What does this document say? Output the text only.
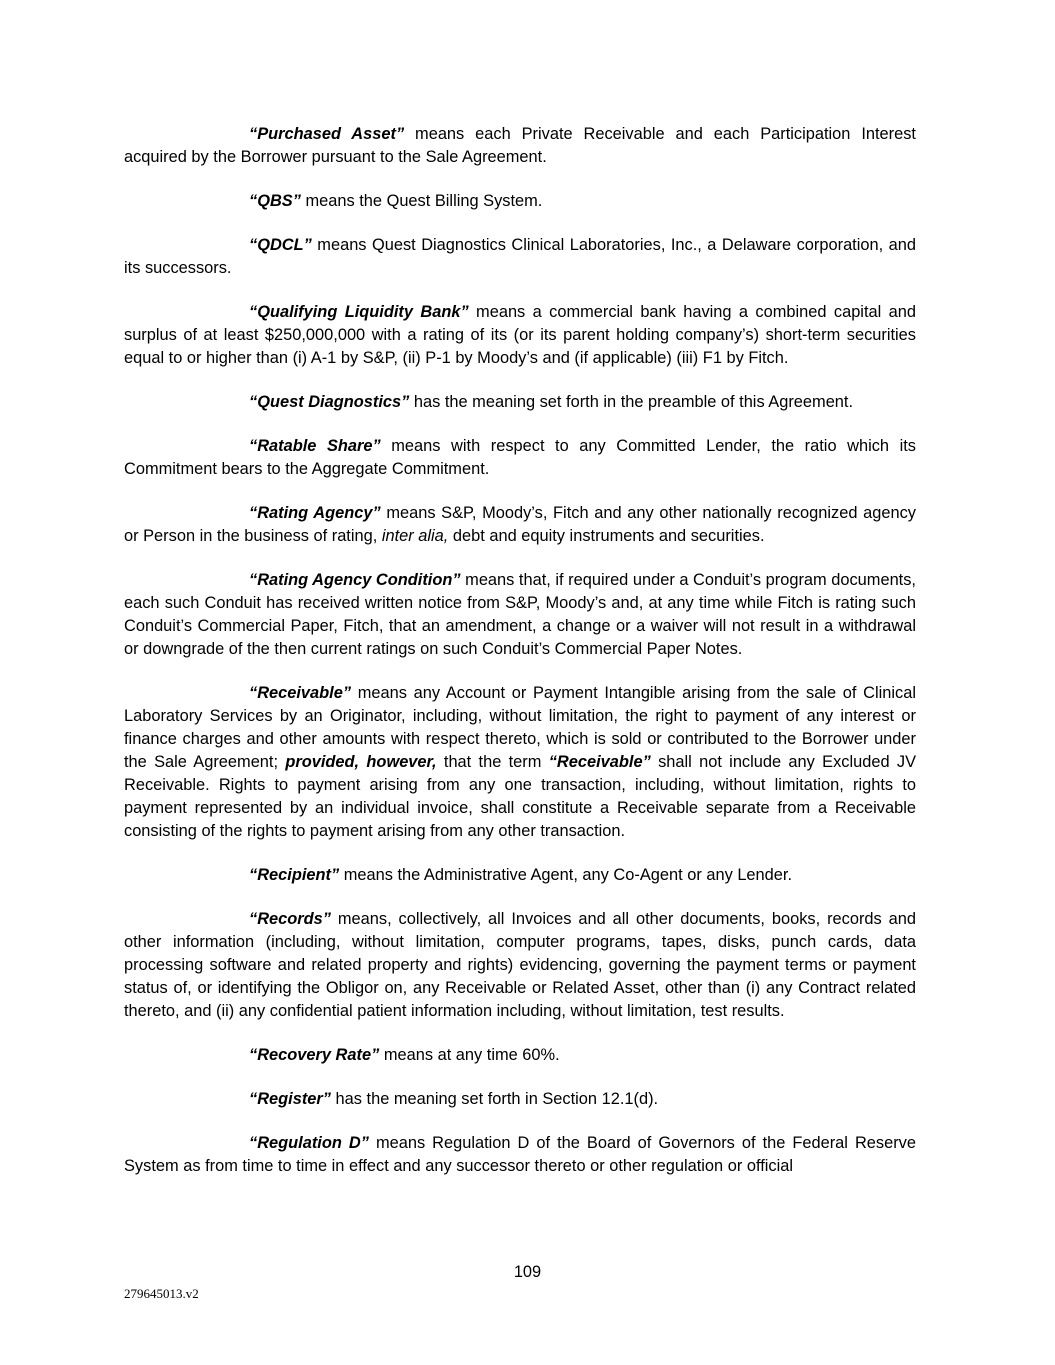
“Purchased Asset” means each Private Receivable and each Participation Interest acquired by the Borrower pursuant to the Sale Agreement.

“QBS” means the Quest Billing System.

“QDCL” means Quest Diagnostics Clinical Laboratories, Inc., a Delaware corporation, and its successors.

“Qualifying Liquidity Bank” means a commercial bank having a combined capital and surplus of at least $250,000,000 with a rating of its (or its parent holding company’s) short-term securities equal to or higher than (i) A-1 by S&P, (ii) P-1 by Moody’s and (if applicable) (iii) F1 by Fitch.

“Quest Diagnostics” has the meaning set forth in the preamble of this Agreement.

“Ratable Share” means with respect to any Committed Lender, the ratio which its Commitment bears to the Aggregate Commitment.

“Rating Agency” means S&P, Moody’s, Fitch and any other nationally recognized agency or Person in the business of rating, inter alia, debt and equity instruments and securities.

“Rating Agency Condition” means that, if required under a Conduit’s program documents, each such Conduit has received written notice from S&P, Moody’s and, at any time while Fitch is rating such Conduit’s Commercial Paper, Fitch, that an amendment, a change or a waiver will not result in a withdrawal or downgrade of the then current ratings on such Conduit’s Commercial Paper Notes.

“Receivable” means any Account or Payment Intangible arising from the sale of Clinical Laboratory Services by an Originator, including, without limitation, the right to payment of any interest or finance charges and other amounts with respect thereto, which is sold or contributed to the Borrower under the Sale Agreement; provided, however, that the term “Receivable” shall not include any Excluded JV Receivable. Rights to payment arising from any one transaction, including, without limitation, rights to payment represented by an individual invoice, shall constitute a Receivable separate from a Receivable consisting of the rights to payment arising from any other transaction.

“Recipient” means the Administrative Agent, any Co-Agent or any Lender.

“Records” means, collectively, all Invoices and all other documents, books, records and other information (including, without limitation, computer programs, tapes, disks, punch cards, data processing software and related property and rights) evidencing, governing the payment terms or payment status of, or identifying the Obligor on, any Receivable or Related Asset, other than (i) any Contract related thereto, and (ii) any confidential patient information including, without limitation, test results.

“Recovery Rate” means at any time 60%.

“Register” has the meaning set forth in Section 12.1(d).

“Regulation D” means Regulation D of the Board of Governors of the Federal Reserve System as from time to time in effect and any successor thereto or other regulation or official

109
279645013.v2
